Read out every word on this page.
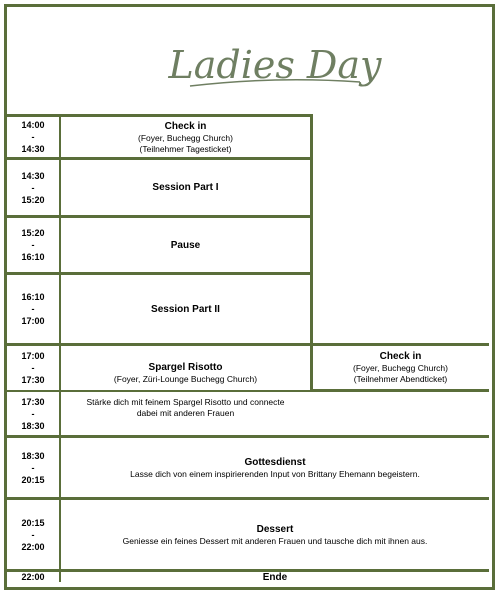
Ladies Day
14:00
-
14:30
14:30
-
15:20
15:20
-
16:10
16:10
-
17:00
17:00
-
17:30
17:30
-
18:30
18:30
-
20:15
20:15
-
22:00
22:00
Check in
(Foyer, Buchegg Church)
(Teilnehmer Tagesticket)
Session Part I
Pause
Session Part II
Spargel Risotto
(Foyer, Züri-Lounge Buchegg Church)
Check in
(Foyer, Buchegg Church)
(Teilnehmer Abendticket)
Stärke dich mit feinem Spargel Risotto und connecte
dabei mit anderen Frauen
Gottesdienst
Lasse dich von einem inspirierenden Input von Brittany Ehemann begeistern.
Dessert
Geniesse ein feines Dessert mit anderen Frauen und tausche dich mit ihnen aus.
Ende
